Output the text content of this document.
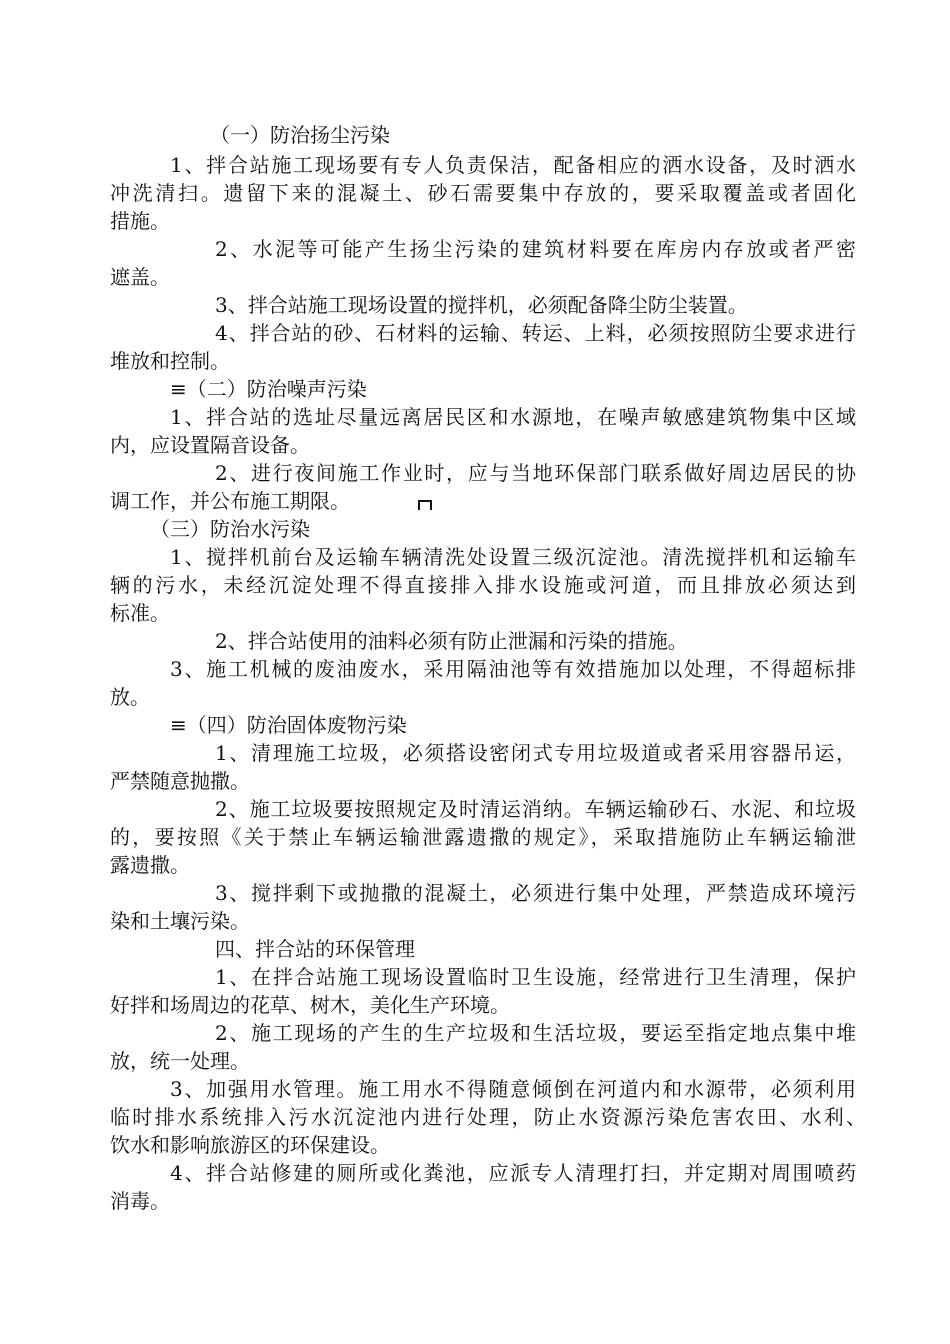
（一）防治扬尘污染
1、拌合站施工现场要有专人负责保洁，配备相应的洒水设备，及时洒水
冲洗清扫。遗留下来的混凝土、砂石需要集中存放的，要采取覆盖或者固化
措施。
2、水泥等可能产生扬尘污染的建筑材料要在库房内存放或者严密
遮盖。
3、拌合站施工现场设置的搅拌机，必须配备降尘防尘装置。
4、拌合站的砂、石材料的运输、转运、上料，必须按照防尘要求进行
堆放和控制。
≡（二）防治噪声污染
1、拌合站的选址尽量远离居民区和水源地，在噪声敏感建筑物集中区域
内，应设置隔音设备。
2、进行夜间施工作业时，应与当地环保部门联系做好周边居民的协
调工作，并公布施工期限。
（三）防治水污染
1、搅拌机前台及运输车辆清洗处设置三级沉淀池。清洗搅拌机和运输车
辆的污水，未经沉淀处理不得直接排入排水设施或河道，而且排放必须达到
标准。
2、拌合站使用的油料必须有防止泄漏和污染的措施。
3、施工机械的废油废水，采用隔油池等有效措施加以处理，不得超标排
放。
≡（四）防治固体废物污染
1、清理施工垃圾，必须搭设密闭式专用垃圾道或者采用容器吊运，
严禁随意抛撒。
2、施工垃圾要按照规定及时清运消纳。车辆运输砂石、水泥、和垃圾
的，要按照《关于禁止车辆运输泄露遗撒的规定》，采取措施防止车辆运输泄
露遗撒。
3、搅拌剩下或抛撒的混凝土，必须进行集中处理，严禁造成环境污
染和土壤污染。
四、拌合站的环保管理
1、在拌合站施工现场设置临时卫生设施，经常进行卫生清理，保护
好拌和场周边的花草、树木，美化生产环境。
2、施工现场的产生的生产垃圾和生活垃圾，要运至指定地点集中堆
放，统一处理。
3、加强用水管理。施工用水不得随意倾倒在河道内和水源带，必须利用
临时排水系统排入污水沉淀池内进行处理，防止水资源污染危害农田、水利、
饮水和影响旅游区的环保建设。
4、拌合站修建的厕所或化粪池，应派专人清理打扫，并定期对周围喷药
消毒。
